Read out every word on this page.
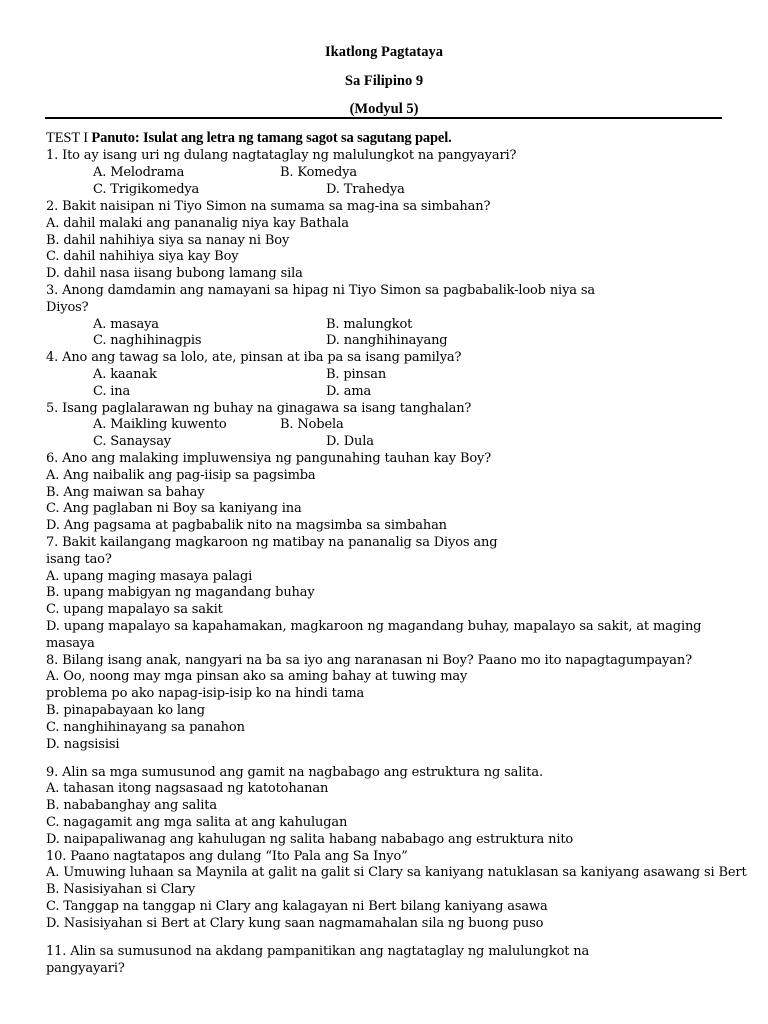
Ikatlong Pagtataya
Sa Filipino 9
(Modyul 5)
TEST I Panuto: Isulat ang letra ng tamang sagot sa sagutang papel.
1. Ito ay isang uri ng dulang nagtataglay ng malulungkot na pangyayari?
A. Melodrama	B. Komedya
C. Trigikomedya	D. Trahedya
2. Bakit naisipan ni Tiyo Simon na sumama sa mag-ina sa simbahan?
A. dahil malaki ang pananalig niya kay Bathala
B. dahil nahihiya siya sa nanay ni Boy
C. dahil nahihiya siya kay Boy
D. dahil nasa iisang bubong lamang sila
3. Anong damdamin ang namayani sa hipag ni Tiyo Simon sa pagbabalik-loob niya sa
Diyos?
A. masaya	B. malungkot
C. naghihinagpis	D. nanghihinayang
4. Ano ang tawag sa lolo, ate, pinsan at iba pa sa isang pamilya?
A. kaanak	B. pinsan
C. ina	D. ama
5. Isang paglalarawan ng buhay na ginagawa sa isang tanghalan?
A. Maikling kuwento	B. Nobela
C. Sanaysay	D. Dula
6. Ano ang malaking impluwensiya ng pangunahing tauhan kay Boy?
A. Ang naibalik ang pag-iisip sa pagsimba
B. Ang maiwan sa bahay
C. Ang paglaban ni Boy sa kaniyang ina
D. Ang pagsama at pagbabalik nito na magsimba sa simbahan
7. Bakit kailangang magkaroon ng matibay na pananalig sa Diyos ang
isang tao?
A. upang maging masaya palagi
B. upang mabigyan ng magandang buhay
C. upang mapalayo sa sakit
D. upang mapalayo sa kapahamakan, magkaroon ng magandang buhay, mapalayo sa sakit, at maging
masaya
8. Bilang isang anak, nangyari na ba sa iyo ang naranasan ni Boy? Paano mo ito napagtagumpayan?
A. Oo, noong may mga pinsan ako sa aming bahay at tuwing may
problema po ako napag-isip-isip ko na hindi tama
B. pinapabayaan ko lang
C. nanghihinayang sa panahon
D. nagsisisi
9. Alin sa mga sumusunod ang gamit na nagbabago ang estruktura ng salita.
A. tahasan itong nagsasaad ng katotohanan
B. nababanghay ang salita
C. nagagamit ang mga salita at ang kahulugan
D. naipapaliwanag ang kahulugan ng salita habang nababago ang estruktura nito
10. Paano nagtatapos ang dulang “Ito Pala ang Sa Inyo”
A. Umuwing luhaan sa Maynila at galit na galit si Clary sa kaniyang natuklasan sa kaniyang asawang si Bert
B. Nasisiyahan si Clary
C. Tanggap na tanggap ni Clary ang kalagayan ni Bert bilang kaniyang asawa
D. Nasisiyahan si Bert at Clary kung saan nagmamahalan sila ng buong puso
11. Alin sa sumusunod na akdang pampanitikan ang nagtataglay ng malulungkot na
pangyayari?
